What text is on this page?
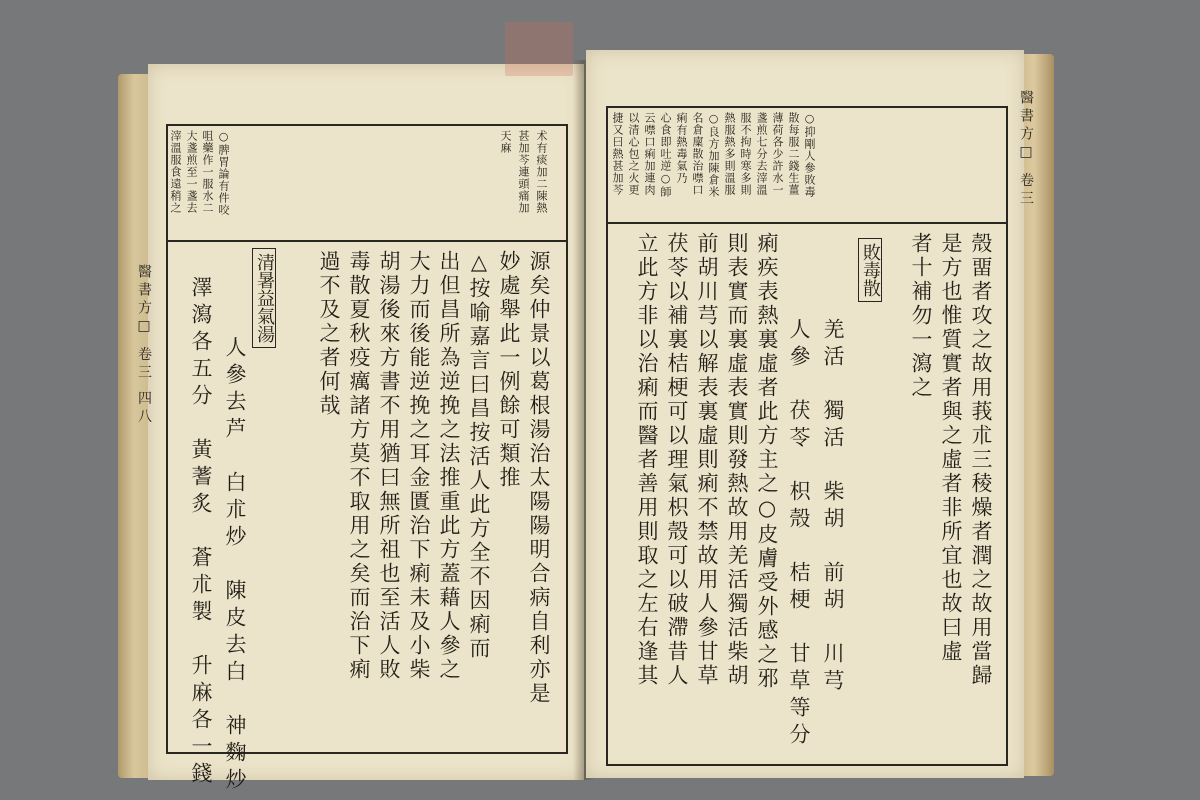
醫書方□ 卷三 四八
滓溫服食遠稍之 大盞煎至一盞去 咀藥作一服水二 ○脾胃論有件咬	天麻 甚加芩連頭痛加 术有痰加二陳熱
源矣仲景以葛根湯治太陽陽明合病自利亦是
妙處舉此一例餘可類推
△按喻嘉言曰昌按活人此方全不因痢而
出但昌所為逆挽之法推重此方蓋藉人參之
大力而後能逆挽之耳金匱治下痢未及小柴
胡湯後來方書不用猶曰無所祖也至活人敗
毒散夏秋疫癘諸方莫不取用之矣而治下痢
過不及之者何哉
清暑益氣湯
人參去芦　白朮炒　陳皮去白　神麴炒
澤瀉各五分　黃蓍炙　蒼朮製　升麻各一錢
醫書方□ 卷三
捷又曰熱甚加芩 以清心包之火更 云噤口痢加連肉 心食即吐逆○師 痢有熱毒氣乃 名倉廩散治噤口 ○良方加陳倉米 熱服熱多則溫服 服不拘時寒多則 盞煎七分去滓溫 薄荷各少許水一 散每服二錢生薑 ○抑剛人參敗毒
殼畱者攻之故用莪朮三稜燥者潤之故用當歸
是方也惟質實者與之虛者非所宜也故曰虛
者十補勿一瀉之
敗毒散
羌活　獨活　柴胡　前胡　川芎
人參　茯苓　枳殼　桔梗　甘草等分
痢疾表熱裏虛者此方主之○皮膚受外感之邪
則表實而裏虛表實則發熱故用羌活獨活柴胡
前胡川芎以解表裏虛則痢不禁故用人參甘草
茯苓以補裏桔梗可以理氣枳殼可以破滯昔人
立此方非以治痢而醫者善用則取之左右逢其
